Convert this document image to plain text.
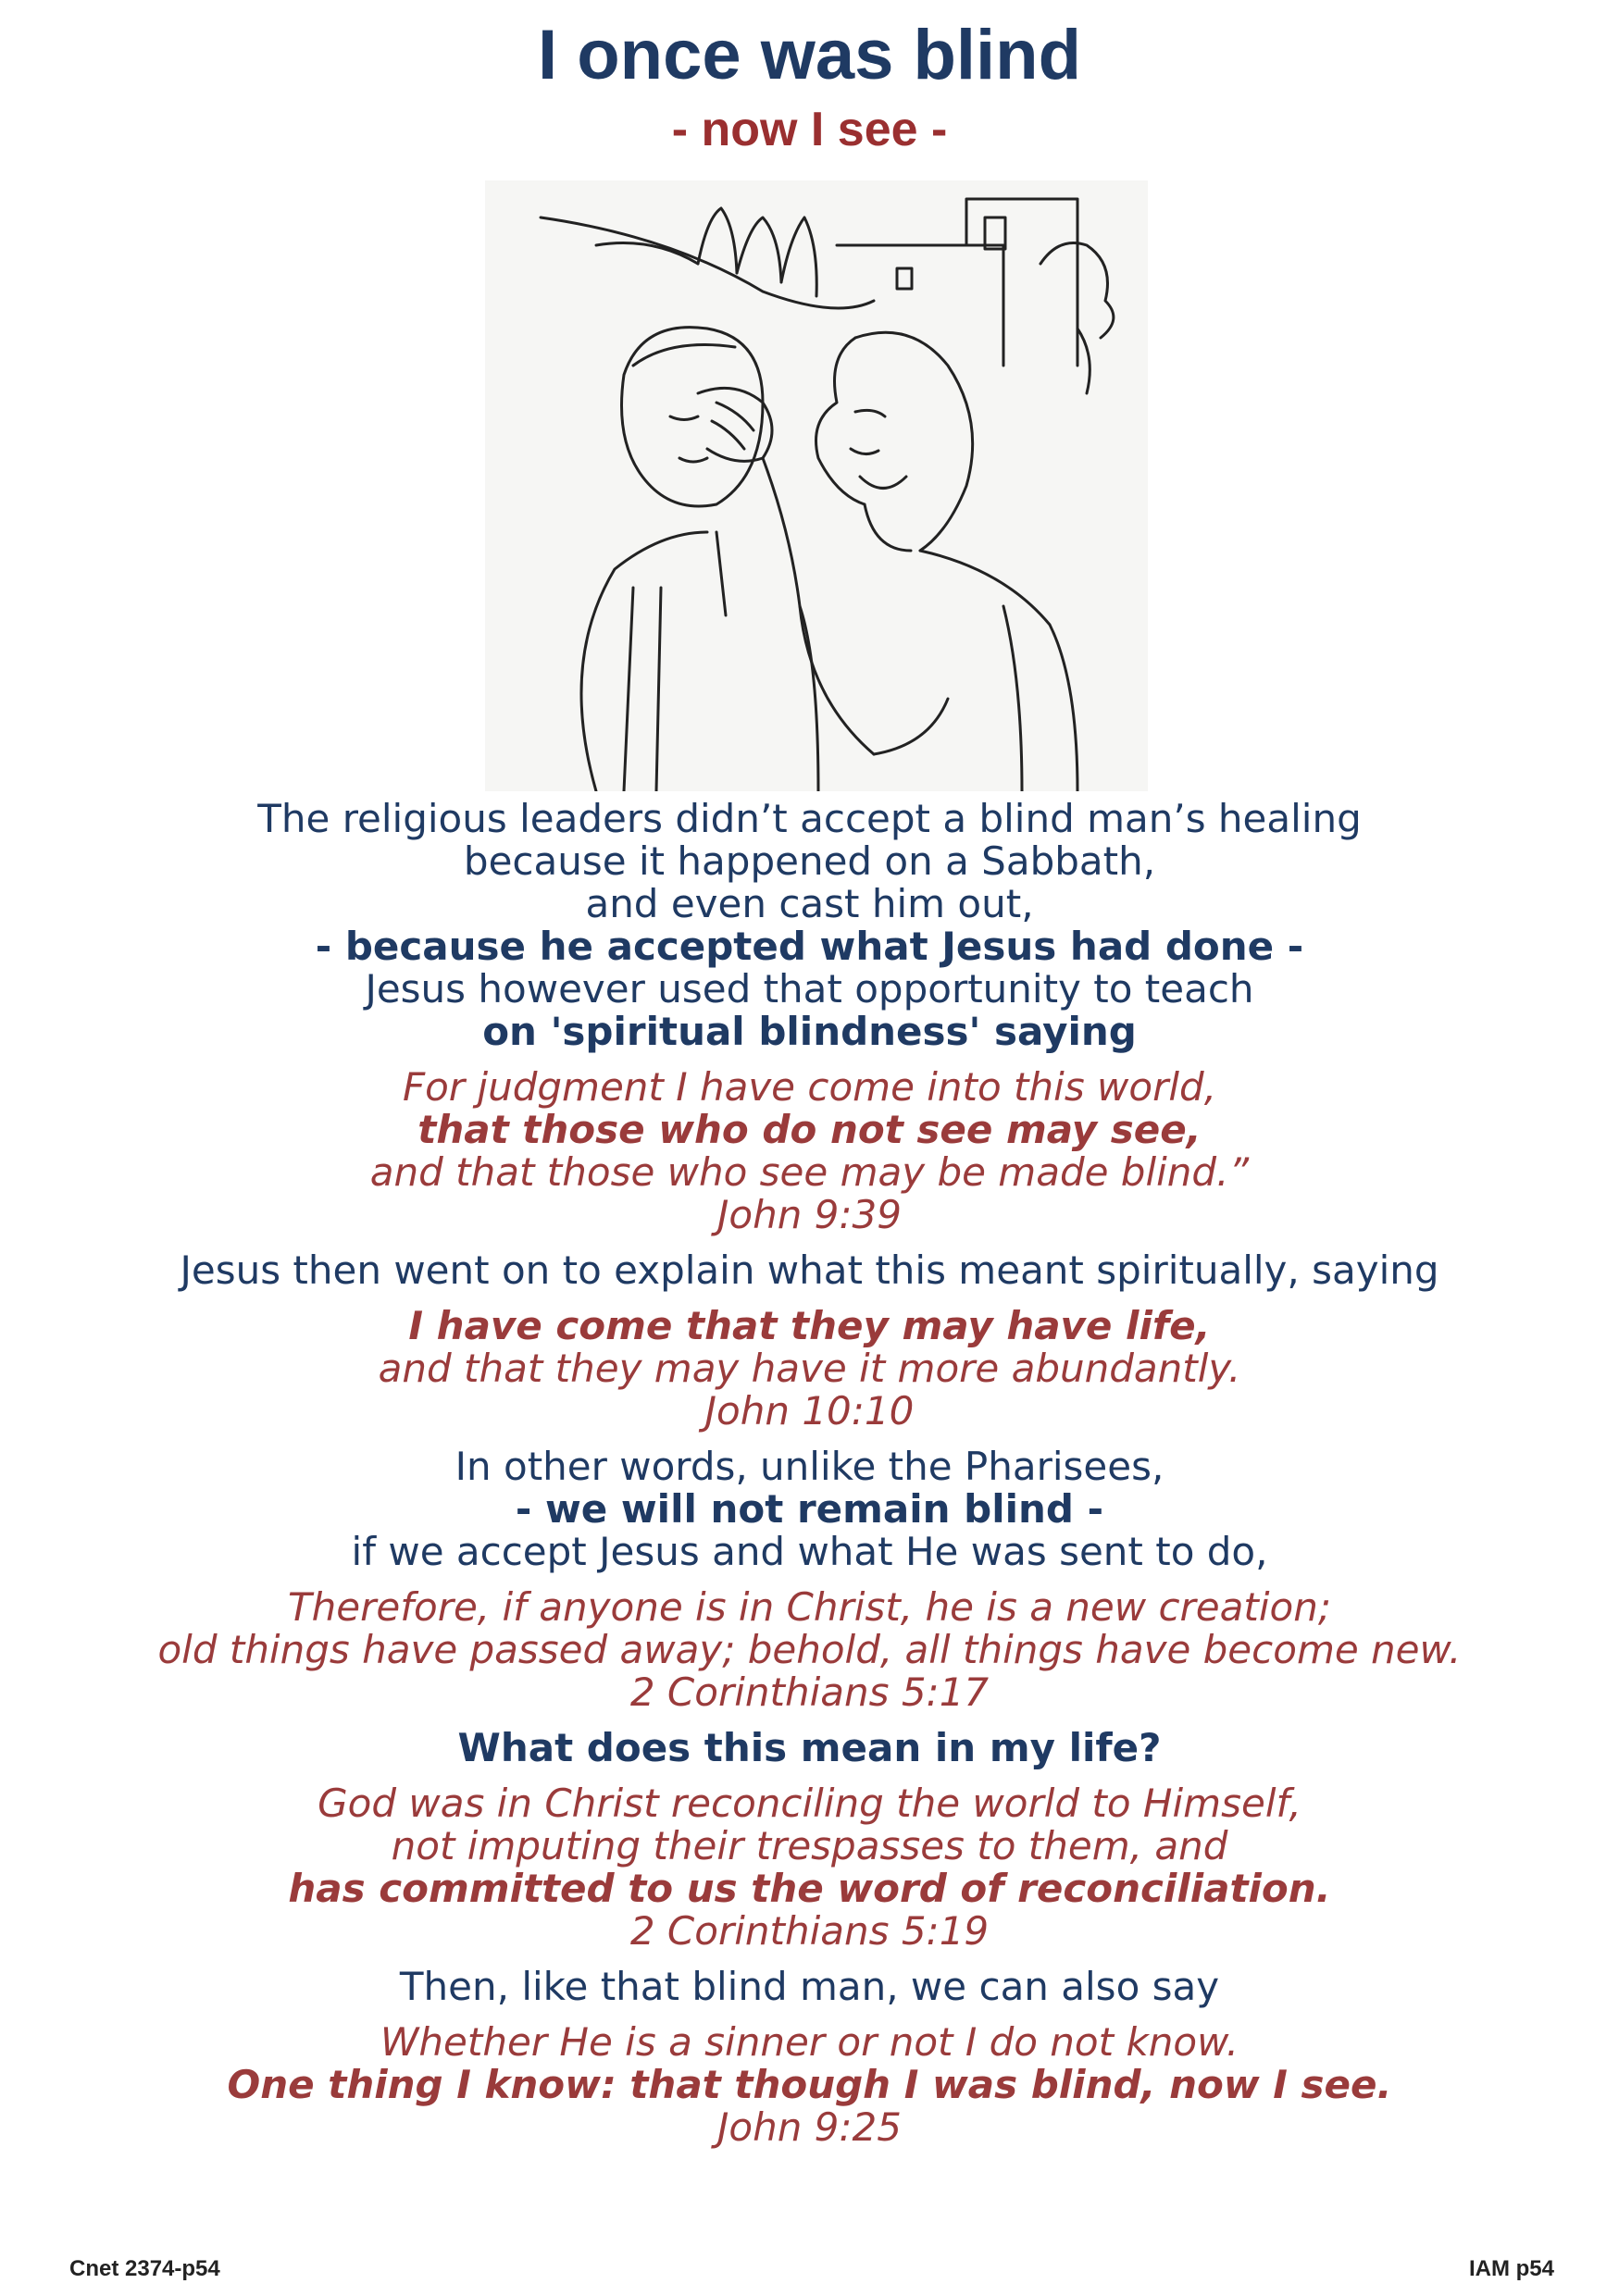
I once was blind
- now I see -
The religious leaders didn’t accept a blind man’s healing
because it happened on a Sabbath,
and even cast him out,
- because he accepted what Jesus had done -
Jesus however used that opportunity to teach
on 'spiritual blindness' saying
For judgment I have come into this world,
that those who do not see may see,
and that those who see may be made blind.”
John 9:39
Jesus then went on to explain what this meant spiritually, saying
I have come that they may have life,
and that they may have it more abundantly.
John 10:10
In other words, unlike the Pharisees,
- we will not remain blind -
if we accept Jesus and what He was sent to do,
Therefore, if anyone is in Christ, he is a new creation;
old things have passed away; behold, all things have become new.
2 Corinthians 5:17
What does this mean in my life?
God was in Christ reconciling the world to Himself,
not imputing their trespasses to them, and
has committed to us the word of reconciliation.
2 Corinthians 5:19
Then, like that blind man, we can also say
Whether He is a sinner or not I do not know.
One thing I know: that though I was blind, now I see.
John 9:25
Cnet 2374-p54	IAM p54
